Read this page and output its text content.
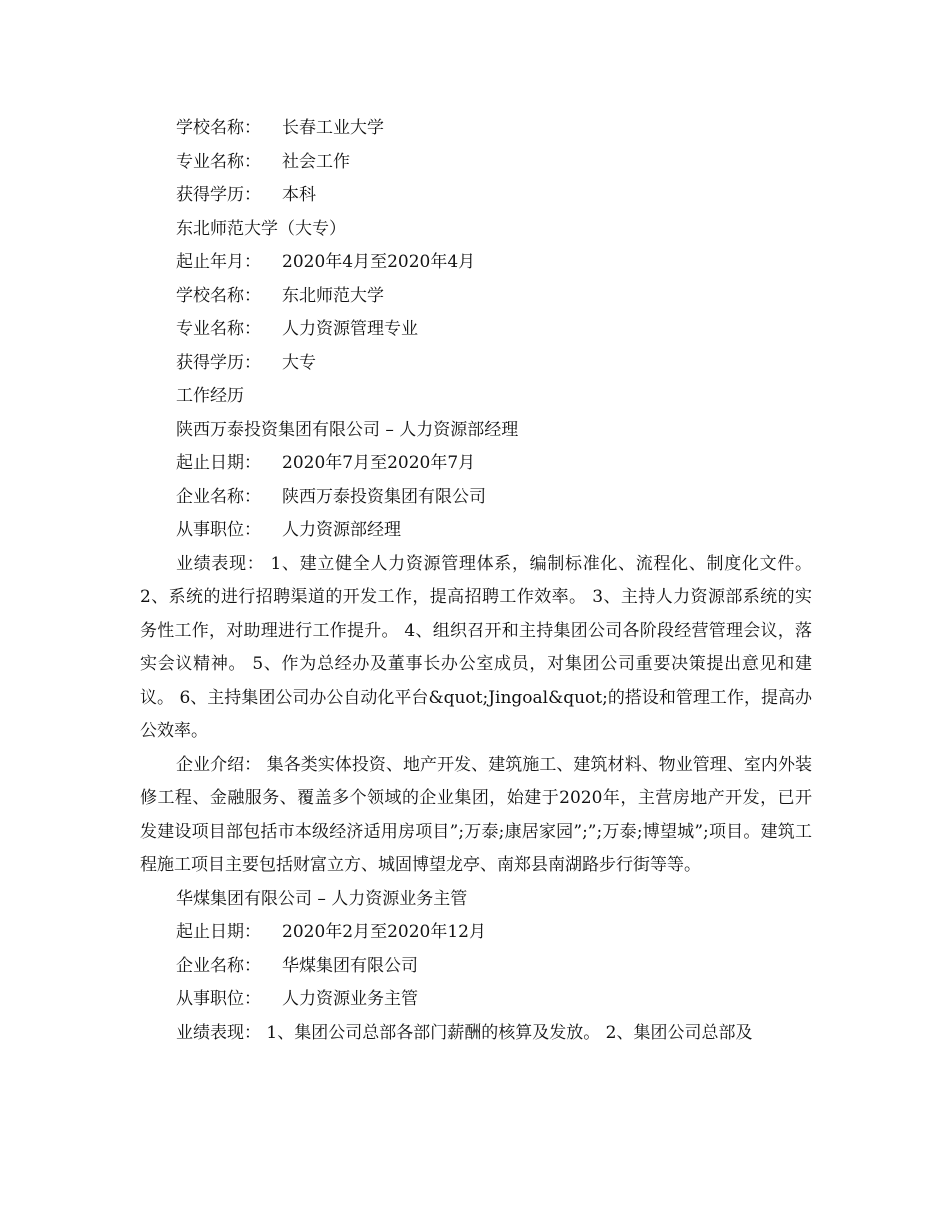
学校名称： 长春工业大学
专业名称： 社会工作
获得学历： 本科
东北师范大学（大专）
起止年月： 2020年4月至2020年4月
学校名称： 东北师范大学
专业名称： 人力资源管理专业
获得学历： 大专
工作经历
陕西万泰投资集团有限公司 – 人力资源部经理
起止日期： 2020年7月至2020年7月
企业名称： 陕西万泰投资集团有限公司
从事职位： 人力资源部经理

业绩表现： 1、建立健全人力资源管理体系，编制标准化、流程化、制度化文件。 2、系统的进行招聘渠道的开发工作，提高招聘工作效率。 3、主持人力资源部系统的实务性工作，对助理进行工作提升。 4、组织召开和主持集团公司各阶段经营管理会议，落实会议精神。 5、作为总经办及董事长办公室成员，对集团公司重要决策提出意见和建议。 6、主持集团公司办公自动化平台&quot;Jingoal&quot;的搭设和管理工作，提高办公效率。

企业介绍： 集各类实体投资、地产开发、建筑施工、建筑材料、物业管理、室内外装修工程、金融服务、覆盖多个领域的企业集团，始建于2020年，主营房地产开发，已开发建设项目部包括市本级经济适用房项目”;万泰;康居家园”;”;万泰;博望城”;项目。建筑工程施工项目主要包括财富立方、城固博望龙亭、南郑县南湖路步行街等等。

华煤集团有限公司 – 人力资源业务主管
起止日期： 2020年2月至2020年12月
企业名称： 华煤集团有限公司
从事职位： 人力资源业务主管

业绩表现： 1、集团公司总部各部门薪酬的核算及发放。 2、集团公司总部及
